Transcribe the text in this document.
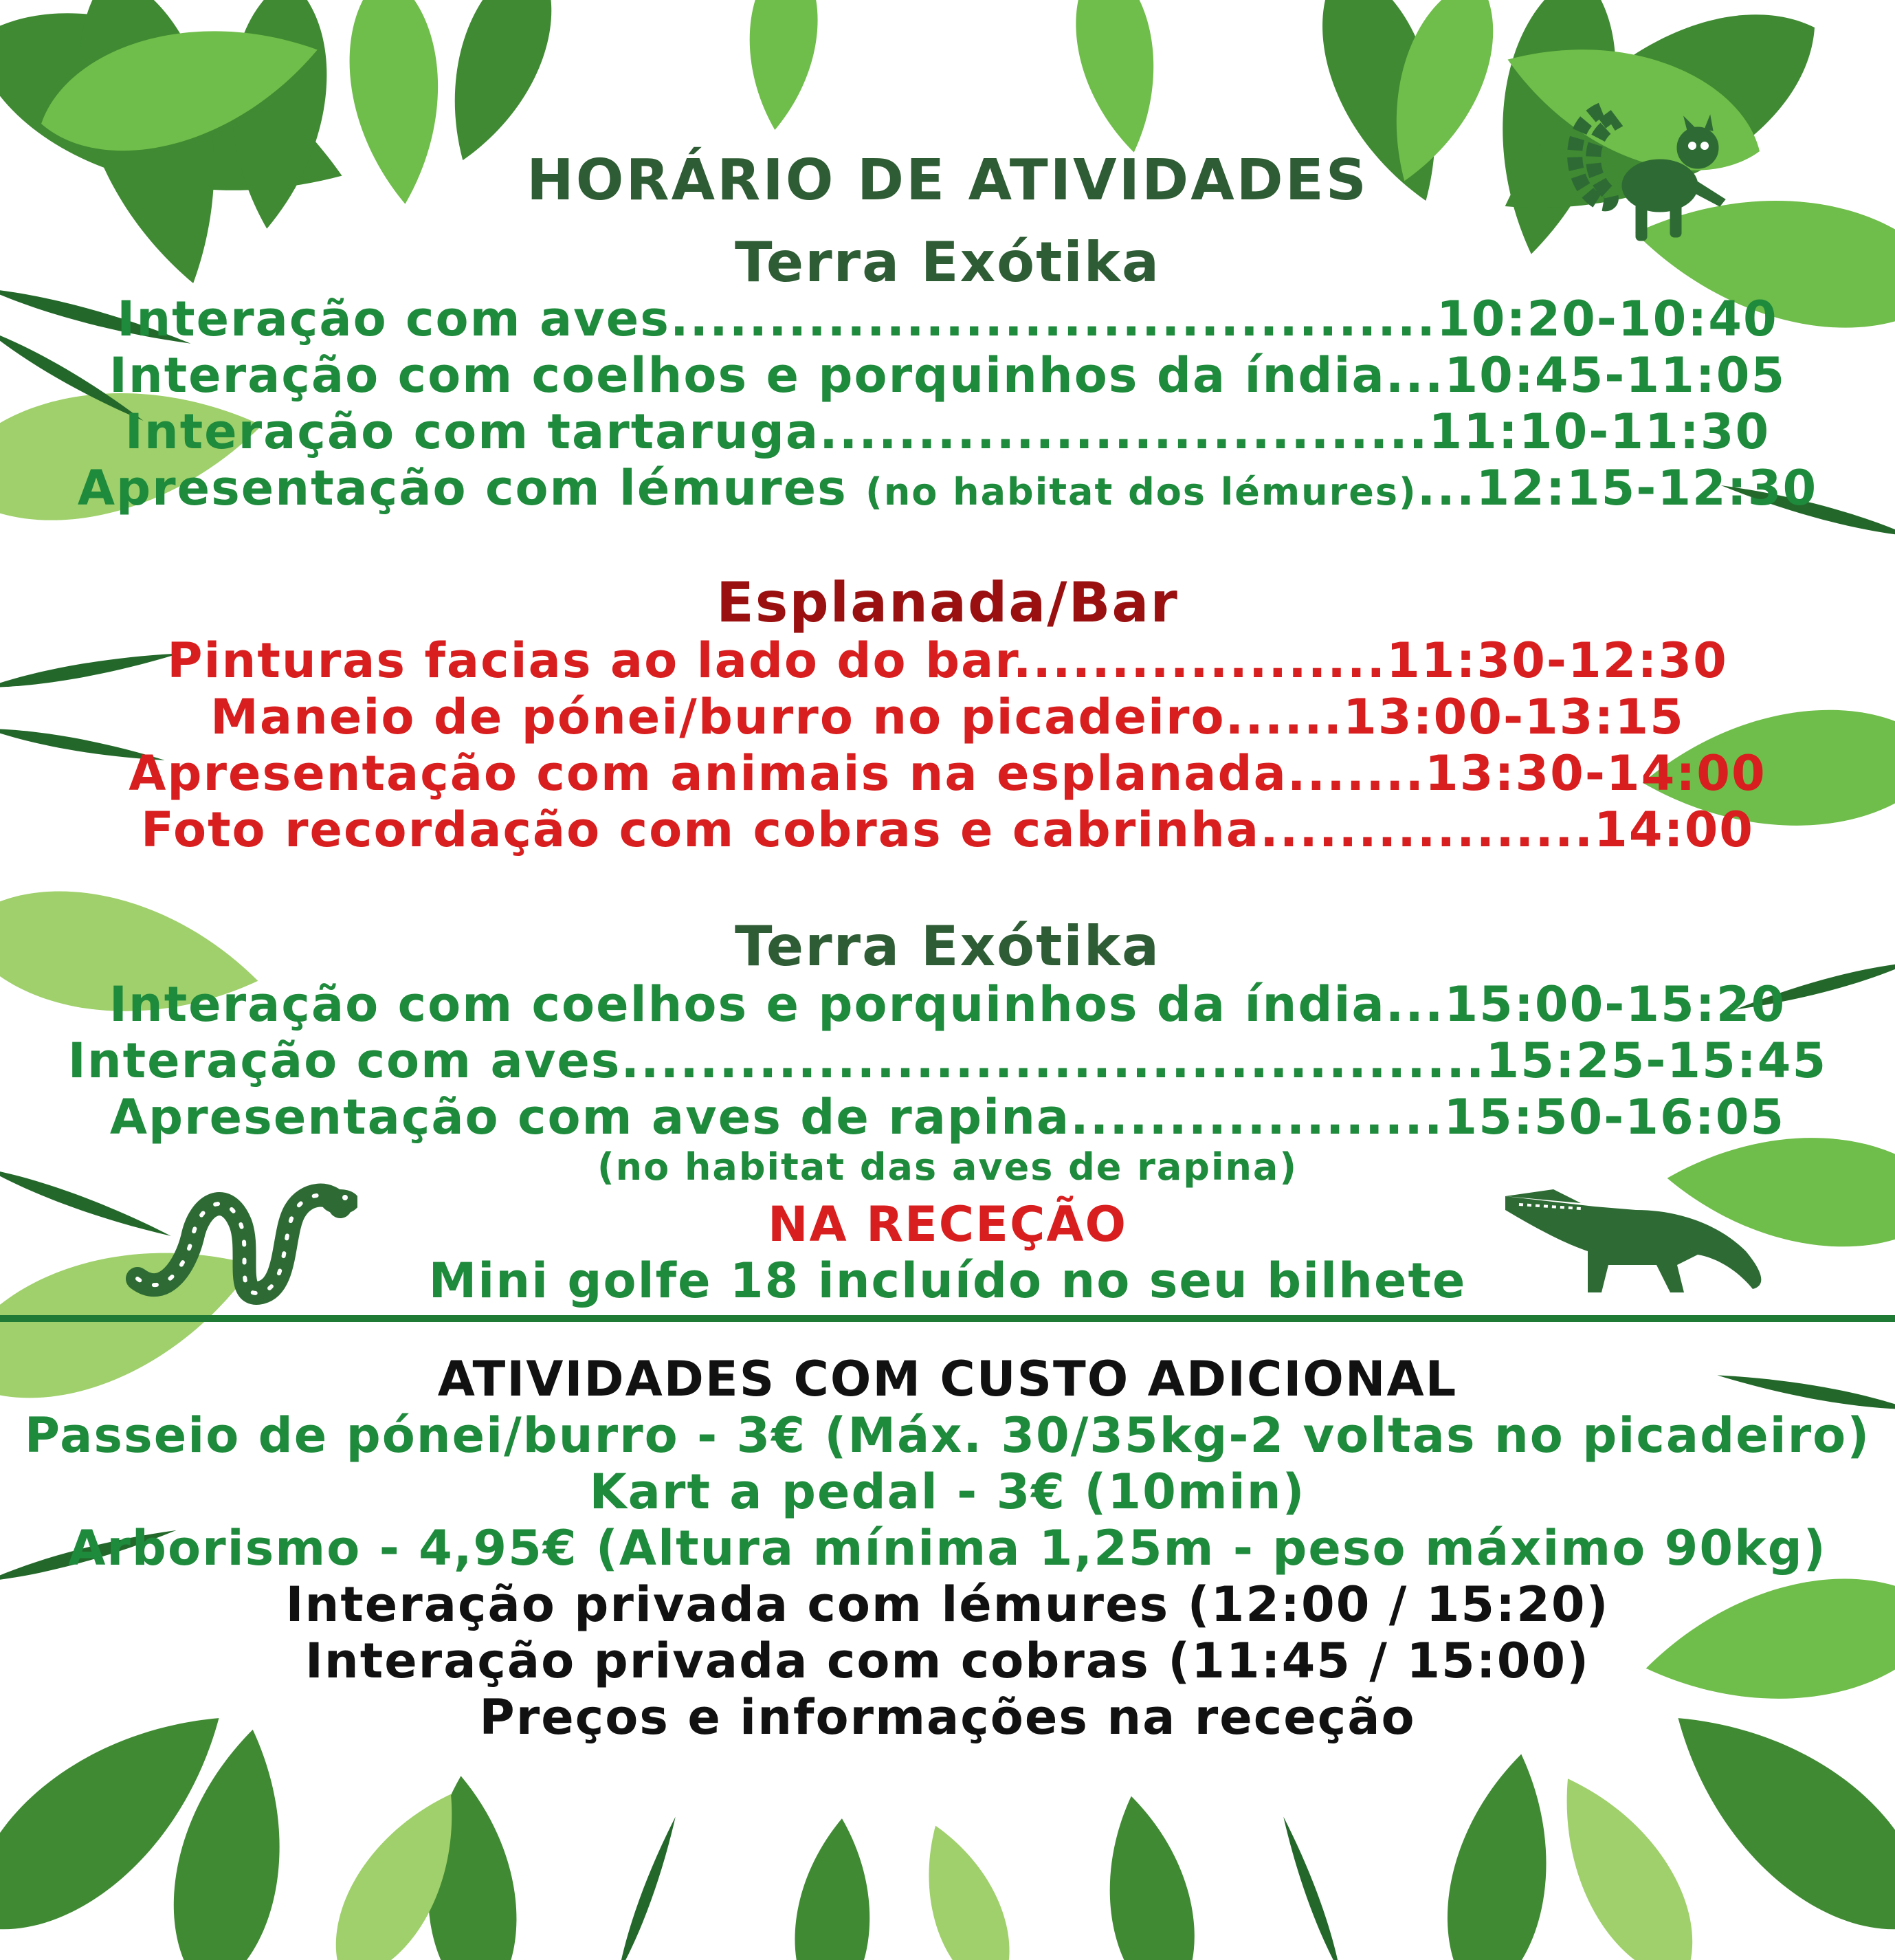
HORÁRIO DE ATIVIDADES
Terra Exótika
Interação com aves.......................................10:20-10:40
Interação com coelhos e porquinhos da índia...10:45-11:05
Interação com tartaruga...............................11:10-11:30
Apresentação com lémures (no habitat dos lémures)...12:15-12:30
Esplanada/Bar
Pinturas facias ao lado do bar...................11:30-12:30
Maneio de pónei/burro no picadeiro......13:00-13:15
Apresentação com animais na esplanada.......13:30-14:00
Foto recordação com cobras e cabrinha.................14:00
Terra Exótika
Interação com coelhos e porquinhos da índia...15:00-15:20
Interação com aves............................................15:25-15:45
Apresentação com aves de rapina...................15:50-16:05
(no habitat das aves de rapina)
NA RECEÇÃO
Mini golfe 18 incluído no seu bilhete
ATIVIDADES COM CUSTO ADICIONAL
Passeio de pónei/burro - 3€ (Máx. 30/35kg-2 voltas no picadeiro)
Kart a pedal - 3€ (10min)
Arborismo - 4,95€ (Altura mínima 1,25m - peso máximo 90kg)
Interação privada com lémures (12:00 / 15:20)
Interação privada com cobras (11:45 / 15:00)
Preços e informações na receção
